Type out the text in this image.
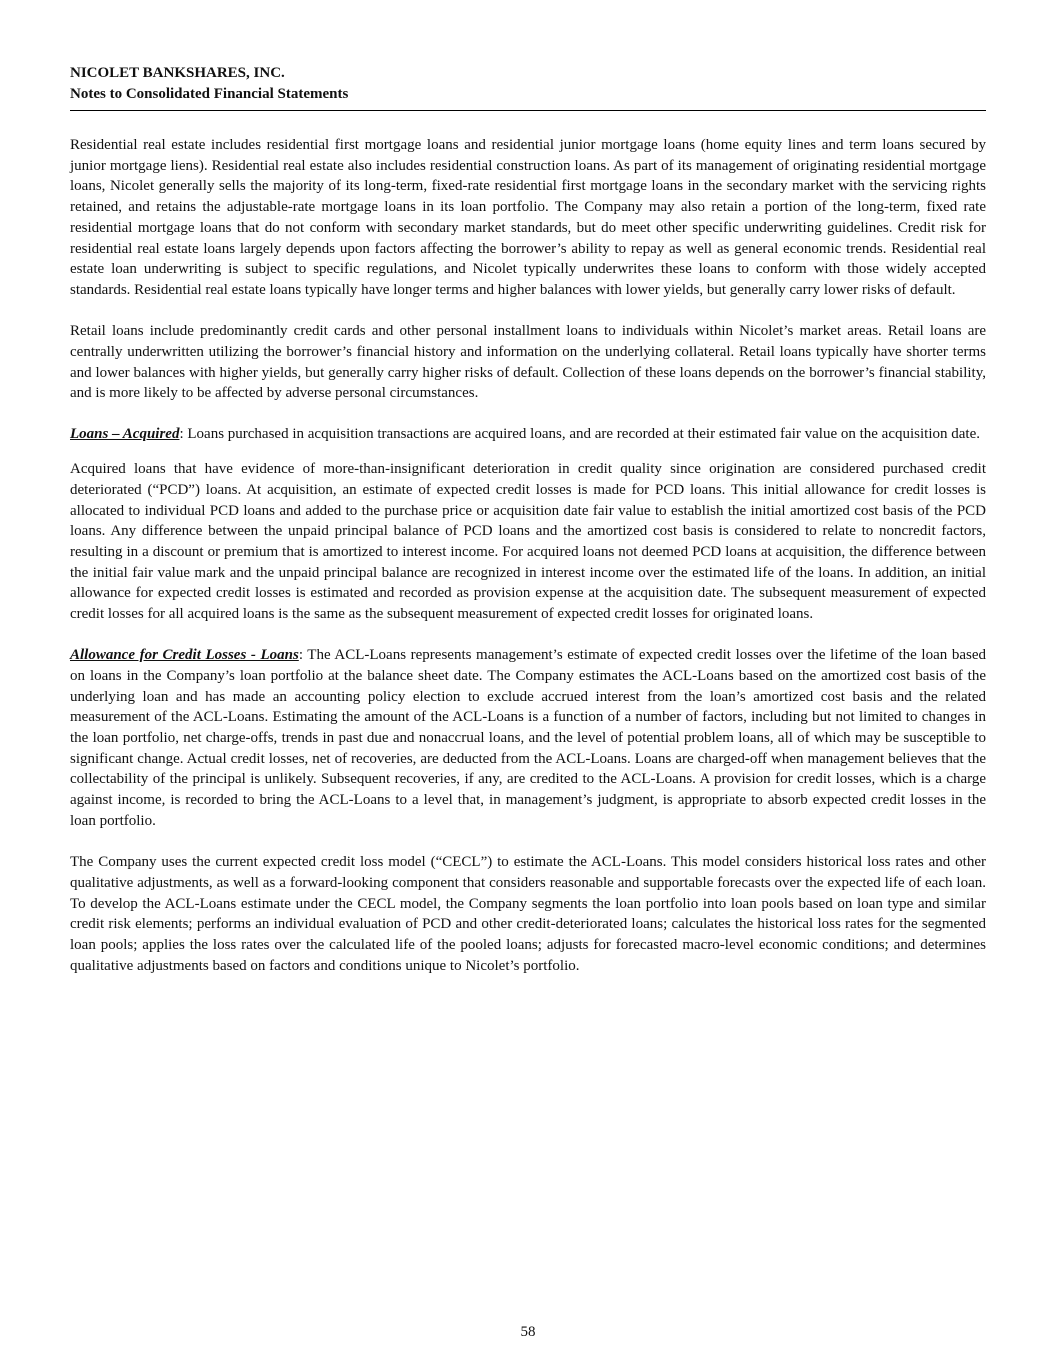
NICOLET BANKSHARES, INC.
Notes to Consolidated Financial Statements

Residential real estate includes residential first mortgage loans and residential junior mortgage loans (home equity lines and term loans secured by junior mortgage liens). Residential real estate also includes residential construction loans. As part of its management of originating residential mortgage loans, Nicolet generally sells the majority of its long-term, fixed-rate residential first mortgage loans in the secondary market with the servicing rights retained, and retains the adjustable-rate mortgage loans in its loan portfolio. The Company may also retain a portion of the long-term, fixed rate residential mortgage loans that do not conform with secondary market standards, but do meet other specific underwriting guidelines. Credit risk for residential real estate loans largely depends upon factors affecting the borrower’s ability to repay as well as general economic trends. Residential real estate loan underwriting is subject to specific regulations, and Nicolet typically underwrites these loans to conform with those widely accepted standards. Residential real estate loans typically have longer terms and higher balances with lower yields, but generally carry lower risks of default.

Retail loans include predominantly credit cards and other personal installment loans to individuals within Nicolet’s market areas. Retail loans are centrally underwritten utilizing the borrower’s financial history and information on the underlying collateral. Retail loans typically have shorter terms and lower balances with higher yields, but generally carry higher risks of default. Collection of these loans depends on the borrower’s financial stability, and is more likely to be affected by adverse personal circumstances.

Loans – Acquired: Loans purchased in acquisition transactions are acquired loans, and are recorded at their estimated fair value on the acquisition date.

Acquired loans that have evidence of more-than-insignificant deterioration in credit quality since origination are considered purchased credit deteriorated (“PCD”) loans. At acquisition, an estimate of expected credit losses is made for PCD loans. This initial allowance for credit losses is allocated to individual PCD loans and added to the purchase price or acquisition date fair value to establish the initial amortized cost basis of the PCD loans. Any difference between the unpaid principal balance of PCD loans and the amortized cost basis is considered to relate to noncredit factors, resulting in a discount or premium that is amortized to interest income. For acquired loans not deemed PCD loans at acquisition, the difference between the initial fair value mark and the unpaid principal balance are recognized in interest income over the estimated life of the loans. In addition, an initial allowance for expected credit losses is estimated and recorded as provision expense at the acquisition date. The subsequent measurement of expected credit losses for all acquired loans is the same as the subsequent measurement of expected credit losses for originated loans.

Allowance for Credit Losses - Loans: The ACL-Loans represents management’s estimate of expected credit losses over the lifetime of the loan based on loans in the Company’s loan portfolio at the balance sheet date. The Company estimates the ACL-Loans based on the amortized cost basis of the underlying loan and has made an accounting policy election to exclude accrued interest from the loan’s amortized cost basis and the related measurement of the ACL-Loans. Estimating the amount of the ACL-Loans is a function of a number of factors, including but not limited to changes in the loan portfolio, net charge-offs, trends in past due and nonaccrual loans, and the level of potential problem loans, all of which may be susceptible to significant change. Actual credit losses, net of recoveries, are deducted from the ACL-Loans. Loans are charged-off when management believes that the collectability of the principal is unlikely. Subsequent recoveries, if any, are credited to the ACL-Loans. A provision for credit losses, which is a charge against income, is recorded to bring the ACL-Loans to a level that, in management’s judgment, is appropriate to absorb expected credit losses in the loan portfolio.

The Company uses the current expected credit loss model (“CECL”) to estimate the ACL-Loans. This model considers historical loss rates and other qualitative adjustments, as well as a forward-looking component that considers reasonable and supportable forecasts over the expected life of each loan. To develop the ACL-Loans estimate under the CECL model, the Company segments the loan portfolio into loan pools based on loan type and similar credit risk elements; performs an individual evaluation of PCD and other credit-deteriorated loans; calculates the historical loss rates for the segmented loan pools; applies the loss rates over the calculated life of the pooled loans; adjusts for forecasted macro-level economic conditions; and determines qualitative adjustments based on factors and conditions unique to Nicolet’s portfolio.

58
